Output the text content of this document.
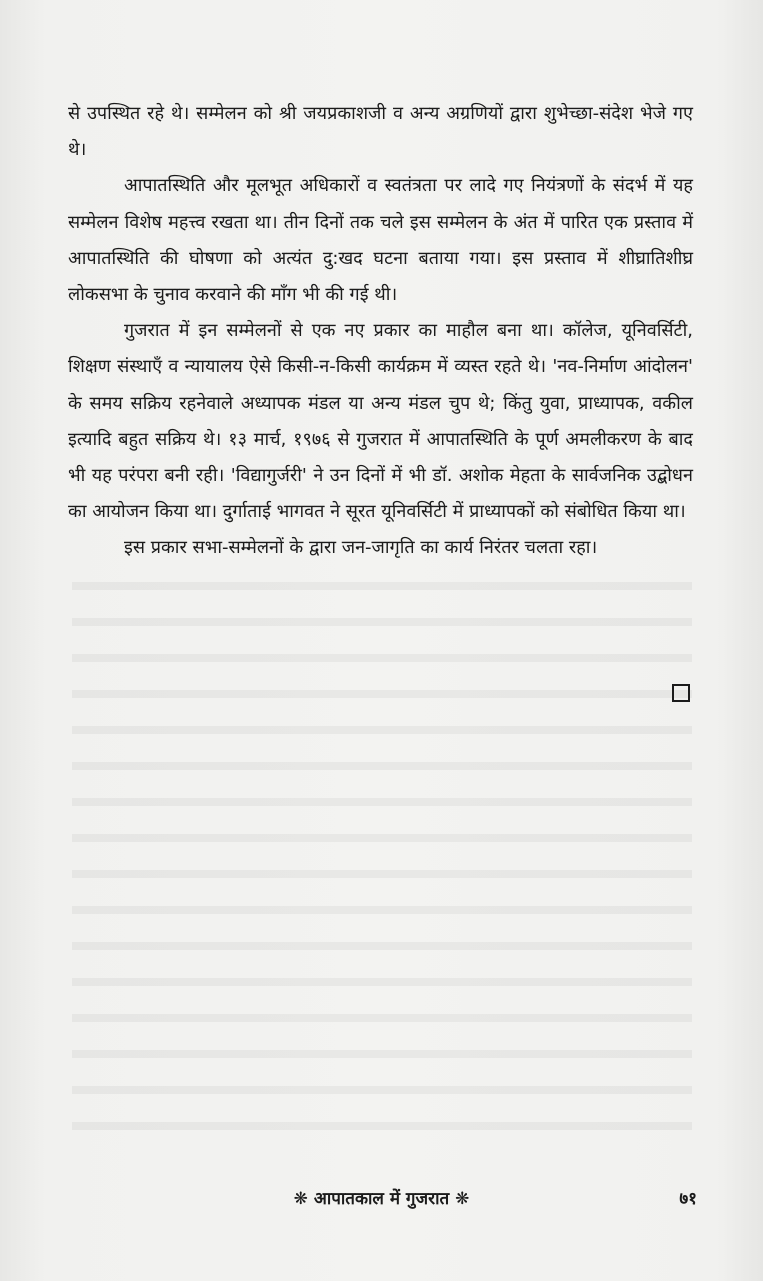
से उपस्थित रहे थे। सम्मेलन को श्री जयप्रकाशजी व अन्य अग्रणियों द्वारा शुभेच्छा-संदेश भेजे गए थे।

आपातस्थिति और मूलभूत अधिकारों व स्वतंत्रता पर लादे गए नियंत्रणों के संदर्भ में यह सम्मेलन विशेष महत्त्व रखता था। तीन दिनों तक चले इस सम्मेलन के अंत में पारित एक प्रस्ताव में आपातस्थिति की घोषणा को अत्यंत दु:खद घटना बताया गया। इस प्रस्ताव में शीघ्रातिशीघ्र लोकसभा के चुनाव करवाने की माँग भी की गई थी।

गुजरात में इन सम्मेलनों से एक नए प्रकार का माहौल बना था। कॉलेज, यूनिवर्सिटी, शिक्षण संस्थाएँ व न्यायालय ऐसे किसी-न-किसी कार्यक्रम में व्यस्त रहते थे। 'नव-निर्माण आंदोलन' के समय सक्रिय रहनेवाले अध्यापक मंडल या अन्य मंडल चुप थे; किंतु युवा, प्राध्यापक, वकील इत्यादि बहुत सक्रिय थे। १३ मार्च, १९७६ से गुजरात में आपातस्थिति के पूर्ण अमलीकरण के बाद भी यह परंपरा बनी रही। 'विद्यागुर्जरी' ने उन दिनों में भी डॉ. अशोक मेहता के सार्वजनिक उद्बोधन का आयोजन किया था। दुर्गाताई भागवत ने सूरत यूनिवर्सिटी में प्राध्यापकों को संबोधित किया था।

इस प्रकार सभा-सम्मेलनों के द्वारा जन-जागृति का कार्य निरंतर चलता रहा।

❋ आपातकाल में गुजरात ❋	७१
